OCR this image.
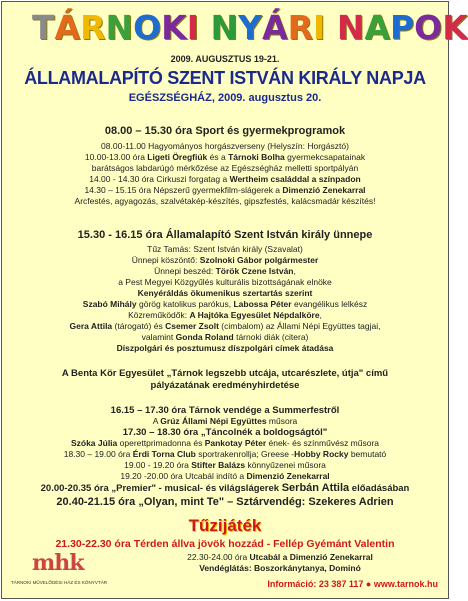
TÁRNOKI NYÁRI NAPOK
2009. AUGUSZTUS 19-21.
ÁLLAMALAPÍTÓ SZENT ISTVÁN KIRÁLY NAPJA
EGÉSZSÉGHÁZ, 2009. augusztus 20.
08.00 – 15.30 óra Sport és gyermekprogramok
08.00-11.00 Hagyományos horgászverseny (Helyszín: Horgásztó)
10.00-13.00 óra Ligeti Öregfiúk és a Tárnoki Bolha gyermekcsapatainak
barátságos labdarúgó mérkőzése az Egészségház melletti sportpályán
14.00 - 14.30 óra Cirkuszi forgatag a Wertheim családdal a színpadon
14.30 – 15.15 óra Népszerű gyermekfilm-slágerek a Dimenzió Zenekarral
Arcfestés, agyagozás, szalvétakép-készítés, gipszfestés, kalácsmadár készítés!
15.30 - 16.15 óra Államalapító Szent István király ünnepe
Tűz Tamás: Szent István király (Szavalat)
Ünnepi köszöntő: Szolnoki Gábor polgármester
Ünnepi beszéd: Török Czene István,
a Pest Megyei Közgyűlés kulturális bizottságának elnöke
Kenyéráldás ökumenikus szertartás szerint
Szabó Mihály görög katolikus parókus, Labossa Péter evangélikus lelkész
Közreműködők: A Hajtóka Egyesület Népdalköre,
Gera Attila (tárogató) és Csemer Zsolt (cimbalom) az Állami Népi Együttes tagjai,
valamint Gonda Roland tárnoki diák (citera)
Díszpolgári és posztumusz díszpolgári címek átadása
A Benta Kör Egyesület „Tárnok legszebb utcája, utcarészlete, útja" című
pályázatának eredményhirdetése
16.15 – 17.30 óra Tárnok vendége a Summerfestről
A Grúz Állami Népi Együttes műsora
17.30 – 18.30 óra „Táncolnék a boldogságtól"
Szóka Júlia operettprimadonna és Pankotay Péter ének- és színművész műsora
18.30 – 19.00 óra Érdi Torna Club sportrakenrollja; Greese -Hobby Rocky bemutató
19.00 - 19.20 óra Stifter Balázs könnyűzenei műsora
19.20 -20.00 óra Utcabál indító a Dimenzió Zenekarral
20.00-20.35 óra „Premier" - musical- és világslágerek Serbán Attila előadásában
20.40-21.15 óra „Olyan, mint Te" – Sztárvendég: Szekeres Adrien
Tűzijáték
21.30-22.30 óra Térden állva jövök hozzád - Fellép Gyémánt Valentin
22.30-24.00 óra Utcabál a Dimenzió Zenekarral
Vendéglátás: Boszorkánytanya, Dominó
mhk
TÁRNOKI MŰVELŐDÉSI HÁZ ÉS KÖNYVTÁR	Információ: 23 387 117 ● www.tarnok.hu
